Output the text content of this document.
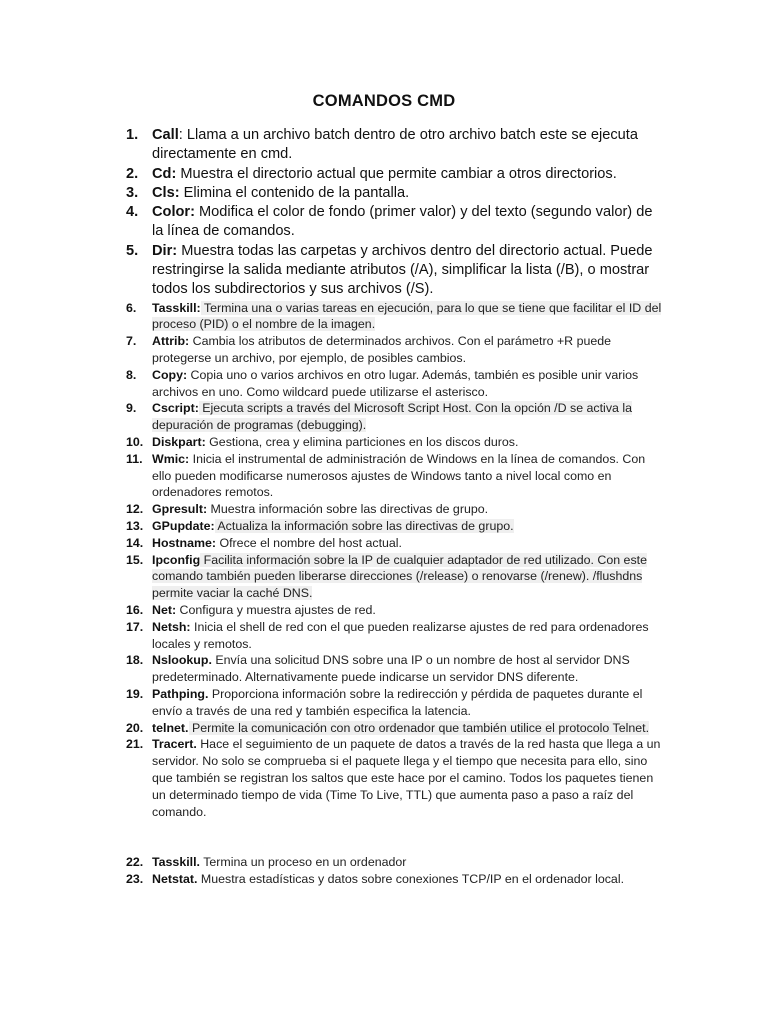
COMANDOS CMD
1. Call: Llama a un archivo batch dentro de otro archivo batch este se ejecuta directamente en cmd.
2. Cd: Muestra el directorio actual que permite cambiar a otros directorios.
3. Cls: Elimina el contenido de la pantalla.
4. Color: Modifica el color de fondo (primer valor) y del texto (segundo valor) de la línea de comandos.
5. Dir: Muestra todas las carpetas y archivos dentro del directorio actual. Puede restringirse la salida mediante atributos (/A), simplificar la lista (/B), o mostrar todos los subdirectorios y sus archivos (/S).
6. Tasskill: Termina una o varias tareas en ejecución, para lo que se tiene que facilitar el ID del proceso (PID) o el nombre de la imagen.
7. Attrib: Cambia los atributos de determinados archivos. Con el parámetro +R puede protegerse un archivo, por ejemplo, de posibles cambios.
8. Copy: Copia uno o varios archivos en otro lugar. Además, también es posible unir varios archivos en uno. Como wildcard puede utilizarse el asterisco.
9. Cscript: Ejecuta scripts a través del Microsoft Script Host. Con la opción /D se activa la depuración de programas (debugging).
10. Diskpart: Gestiona, crea y elimina particiones en los discos duros.
11. Wmic: Inicia el instrumental de administración de Windows en la línea de comandos. Con ello pueden modificarse numerosos ajustes de Windows tanto a nivel local como en ordenadores remotos.
12. Gpresult: Muestra información sobre las directivas de grupo.
13. GPupdate: Actualiza la información sobre las directivas de grupo.
14. Hostname: Ofrece el nombre del host actual.
15. Ipconfig Facilita información sobre la IP de cualquier adaptador de red utilizado. Con este comando también pueden liberarse direcciones (/release) o renovarse (/renew). /flushdns permite vaciar la caché DNS.
16. Net: Configura y muestra ajustes de red.
17. Netsh: Inicia el shell de red con el que pueden realizarse ajustes de red para ordenadores locales y remotos.
18. Nslookup. Envía una solicitud DNS sobre una IP o un nombre de host al servidor DNS predeterminado. Alternativamente puede indicarse un servidor DNS diferente.
19. Pathping. Proporciona información sobre la redirección y pérdida de paquetes durante el envío a través de una red y también especifica la latencia.
20. telnet. Permite la comunicación con otro ordenador que también utilice el protocolo Telnet.
21. Tracert. Hace el seguimiento de un paquete de datos a través de la red hasta que llega a un servidor. No solo se comprueba si el paquete llega y el tiempo que necesita para ello, sino que también se registran los saltos que este hace por el camino. Todos los paquetes tienen un determinado tiempo de vida (Time To Live, TTL) que aumenta paso a paso a raíz del comando.
22. Tasskill. Termina un proceso en un ordenador
23. Netstat. Muestra estadísticas y datos sobre conexiones TCP/IP en el ordenador local.
